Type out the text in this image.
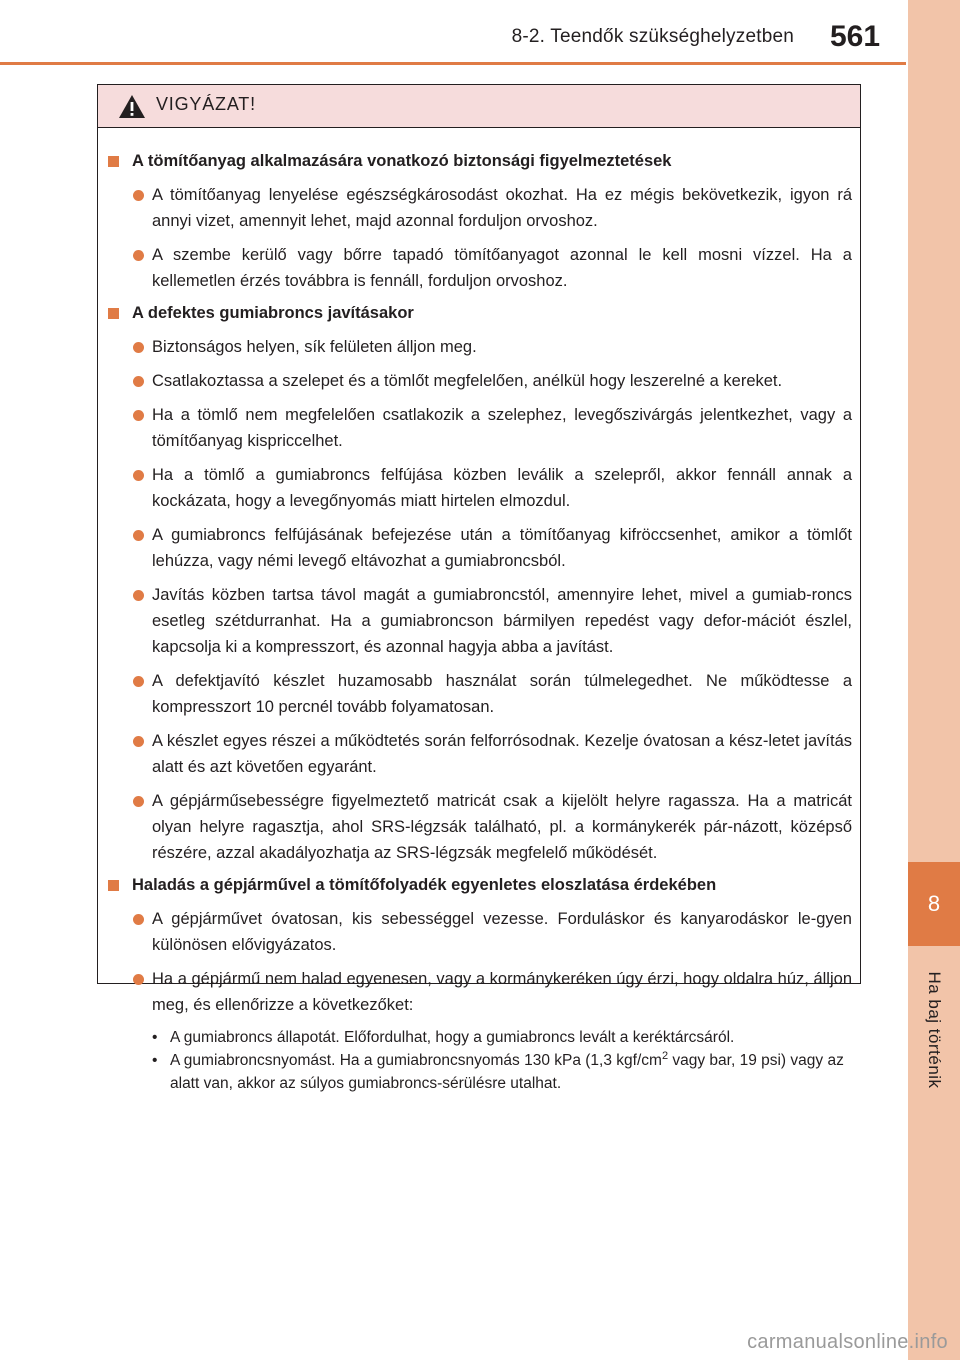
8-2. Teendők szükséghelyzetben	561
8
Ha baj történik
VIGYÁZAT!
A tömítőanyag alkalmazására vonatkozó biztonsági figyelmeztetések
A tömítőanyag lenyelése egészségkárosodást okozhat. Ha ez mégis bekövetkezik, igyon rá annyi vizet, amennyit lehet, majd azonnal forduljon orvoshoz.
A szembe kerülő vagy bőrre tapadó tömítőanyagot azonnal le kell mosni vízzel. Ha a kellemetlen érzés továbbra is fennáll, forduljon orvoshoz.
A defektes gumiabroncs javításakor
Biztonságos helyen, sík felületen álljon meg.
Csatlakoztassa a szelepet és a tömlőt megfelelően, anélkül hogy leszerelné a kereket.
Ha a tömlő nem megfelelően csatlakozik a szelephez, levegőszivárgás jelentkezhet, vagy a tömítőanyag kispriccelhet.
Ha a tömlő a gumiabroncs felfújása közben leválik a szelepről, akkor fennáll annak a kockázata, hogy a levegőnyomás miatt hirtelen elmozdul.
A gumiabroncs felfújásának befejezése után a tömítőanyag kifröccsenhet, amikor a tömlőt lehúzza, vagy némi levegő eltávozhat a gumiabroncsból.
Javítás közben tartsa távol magát a gumiabroncstól, amennyire lehet, mivel a gumiab-roncs esetleg szétdurranhat. Ha a gumiabroncson bármilyen repedést vagy defor-mációt észlel, kapcsolja ki a kompresszort, és azonnal hagyja abba a javítást.
A defektjavító készlet huzamosabb használat során túlmelegedhet. Ne működtesse a kompresszort 10 percnél tovább folyamatosan.
A készlet egyes részei a működtetés során felforrósodnak. Kezelje óvatosan a kész-letet javítás alatt és azt követően egyaránt.
A gépjárműsebességre figyelmeztető matricát csak a kijelölt helyre ragassza. Ha a matricát olyan helyre ragasztja, ahol SRS-légzsák található, pl. a kormánykerék pár-názott, középső részére, azzal akadályozhatja az SRS-légzsák megfelelő működését.
Haladás a gépjárművel a tömítőfolyadék egyenletes eloszlatása érdekében
A gépjárművet óvatosan, kis sebességgel vezesse. Forduláskor és kanyarodáskor le-gyen különösen elővigyázatos.
Ha a gépjármű nem halad egyenesen, vagy a kormánykeréken úgy érzi, hogy oldalra húz, álljon meg, és ellenőrizze a következőket:
• A gumiabroncs állapotát. Előfordulhat, hogy a gumiabroncs levált a keréktárcsáról.
• A gumiabroncsnyomást. Ha a gumiabroncsnyomás 130 kPa (1,3 kgf/$cm^2$ vagy bar, 19 psi) vagy az alatt van, akkor az súlyos gumiabroncs-sérülésre utalhat.
carmanualsonline.info
